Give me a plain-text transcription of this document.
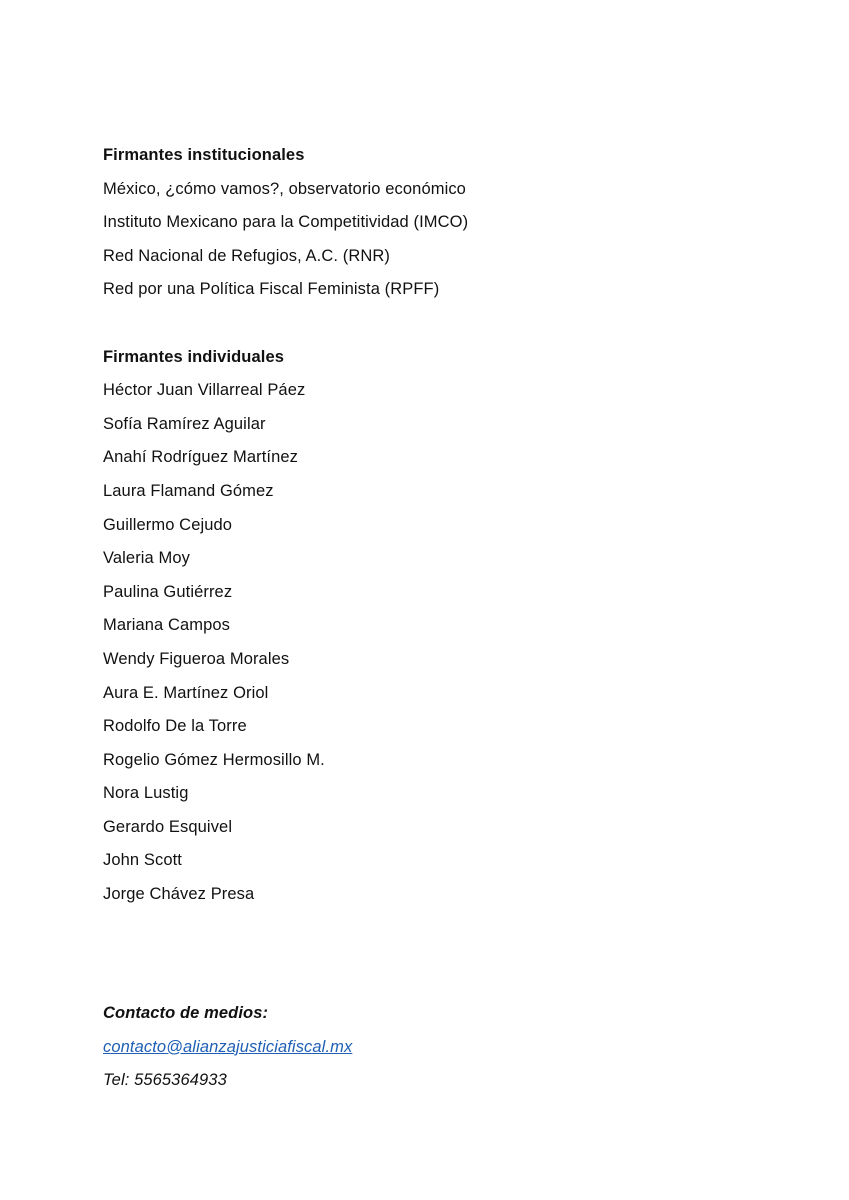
Firmantes institucionales
México, ¿cómo vamos?, observatorio económico
Instituto Mexicano para la Competitividad (IMCO)
Red Nacional de Refugios, A.C. (RNR)
Red por una Política Fiscal Feminista (RPFF)
Firmantes individuales
Héctor Juan Villarreal Páez
Sofía Ramírez Aguilar
Anahí Rodríguez Martínez
Laura Flamand Gómez
Guillermo Cejudo
Valeria Moy
Paulina Gutiérrez
Mariana Campos
Wendy Figueroa Morales
Aura E. Martínez Oriol
Rodolfo De la Torre
Rogelio Gómez Hermosillo M.
Nora Lustig
Gerardo Esquivel
John Scott
Jorge Chávez Presa
Contacto de medios:
contacto@alianzajusticiafiscal.mx
Tel: 5565364933
